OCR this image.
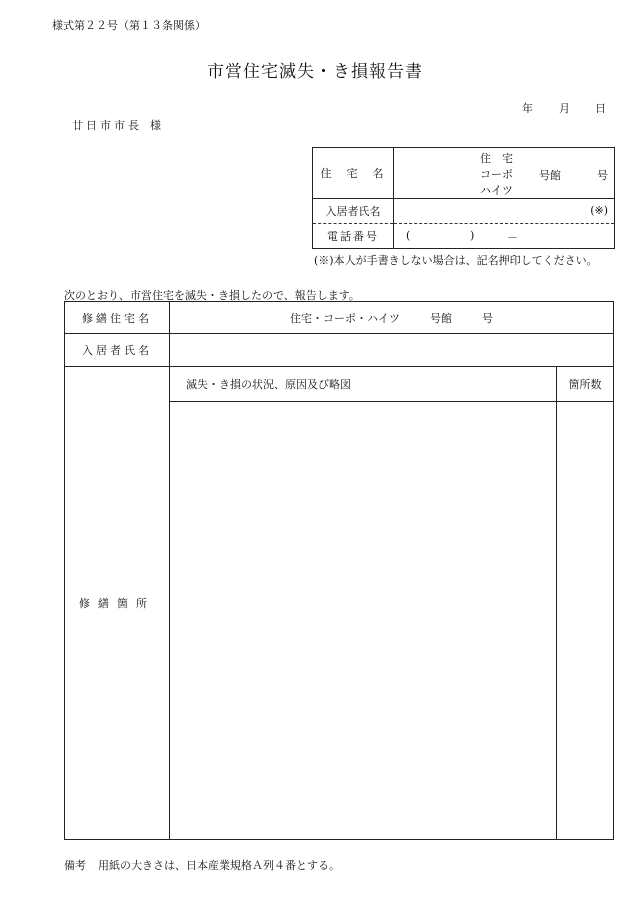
様式第２２号（第１３条関係）
市営住宅滅失・き損報告書
年 月 日
廿日市市長 様
住　宅　名	住　宅
コーポ
ハイツ
号館 号

入居者氏名	(※)

電話番号	( ) －
(※)本人が手書きしない場合は、記名押印してください。
次のとおり、市営住宅を滅失・き損したので、報告します。
修繕住宅名	住宅・コーポ・ハイツ 号館 号	
入居者氏名		
修繕箇所	滅失・き損の状況、原因及び略図	箇所数

備考 用紙の大きさは、日本産業規格Ａ列４番とする。
